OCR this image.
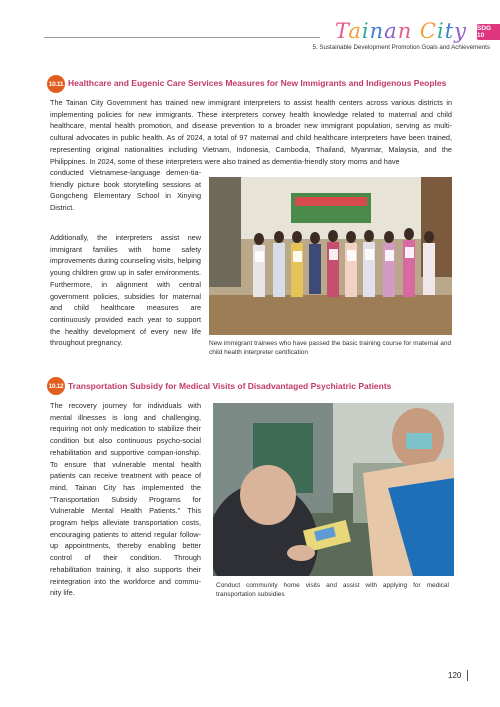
Tainan City SDG 10
5. Sustainable Development Promotion Goals and Achievements
10.11 Healthcare and Eugenic Care Services Measures for New Immigrants and Indigenous Peoples
The Tainan City Government has trained new immigrant interpreters to assist health centers across various districts in implementing policies for new immigrants. These interpreters convey health knowledge related to maternal and child healthcare, mental health promotion, and disease prevention to a broader new immigrant population, serving as multi-cultural advocates in public health. As of 2024, a total of 97 maternal and child healthcare interpreters have been trained, representing original nationalities including Vietnam, Indonesia, Cambodia, Thailand, Myanmar, Malaysia, and the Philippines. In 2024, some of these interpreters were also trained as dementia-friendly story moms and have
conducted Vietnamese-language demen-tia-friendly picture book storytelling sessions at Gongcheng Elementary School in Xinying District.
Additionally, the interpreters assist new immigrant families with home safety improvements during counseling visits, helping young children grow up in safer environments. Furthermore, in alignment with central government policies, subsidies for maternal and child healthcare measures are continuously provided each year to support the healthy development of every new life throughout pregnancy.	New immigrant trainees who have passed the basic training course for maternal and child health interpreter certification
10.12 Transportation Subsidy for Medical Visits of Disadvantaged Psychiatric Patients
The recovery journey for individuals with mental illnesses is long and challenging, requiring not only medication to stabilize their condition but also continuous psycho-social rehabilitation and supportive compan-ionship. To ensure that vulnerable mental health patients can receive treatment with peace of mind, Tainan City has implemented the "Transportation Subsidy Programs for Vulnerable Mental Health Patients." This program helps alleviate transportation costs, encouraging patients to attend regular follow-up appointments, thereby enabling better control of their condition. Through rehabilitation training, it also supports their reintegration into the workforce and commu-nity life.
Conduct community home visits and assist with applying for medical transportation subsidies
120
